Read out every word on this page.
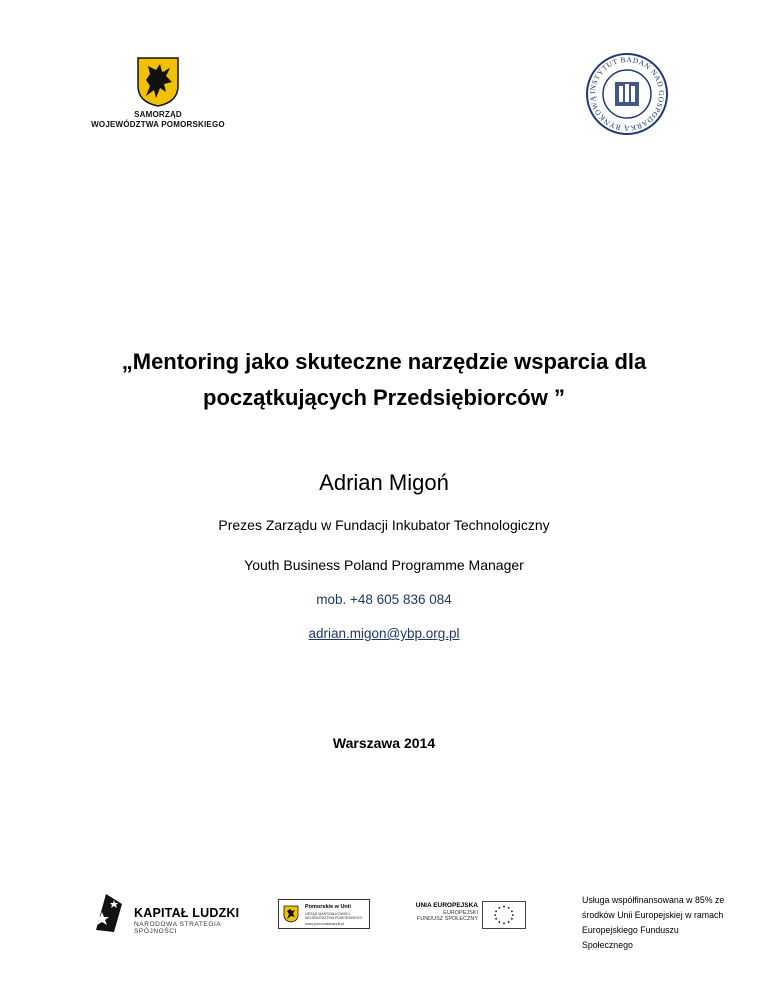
SAMORZĄD
WOJEWÓDZTWA POMORSKIEGO
INSTYTUT BADAŃ NAD GOSPODARKĄ RYNKOWĄ
„Mentoring jako skuteczne narzędzie wsparcia dla
początkujących Przedsiębiorców ”
Adrian Migoń
Prezes Zarządu w Fundacji Inkubator Technologiczny
Youth Business Poland Programme Manager
mob. +48 605 836 084
adrian.migon@ybp.org.pl
Warszawa 2014
KAPITAŁ LUDZKI
NARODOWA STRATEGIA SPÓJNOŚCI
Pomorskie w Unii
URZĄD MARSZAŁKOWSKI WOJEWÓDZTWA POMORSKIEGO
www.pomorskiewunii.pl
UNIA EUROPEJSKA
EUROPEJSKI
FUNDUSZ SPOŁECZNY
Usługa współfinansowana w 85% ze
środków Unii Europejskiej w ramach
Europejskiego Funduszu
Społecznego
